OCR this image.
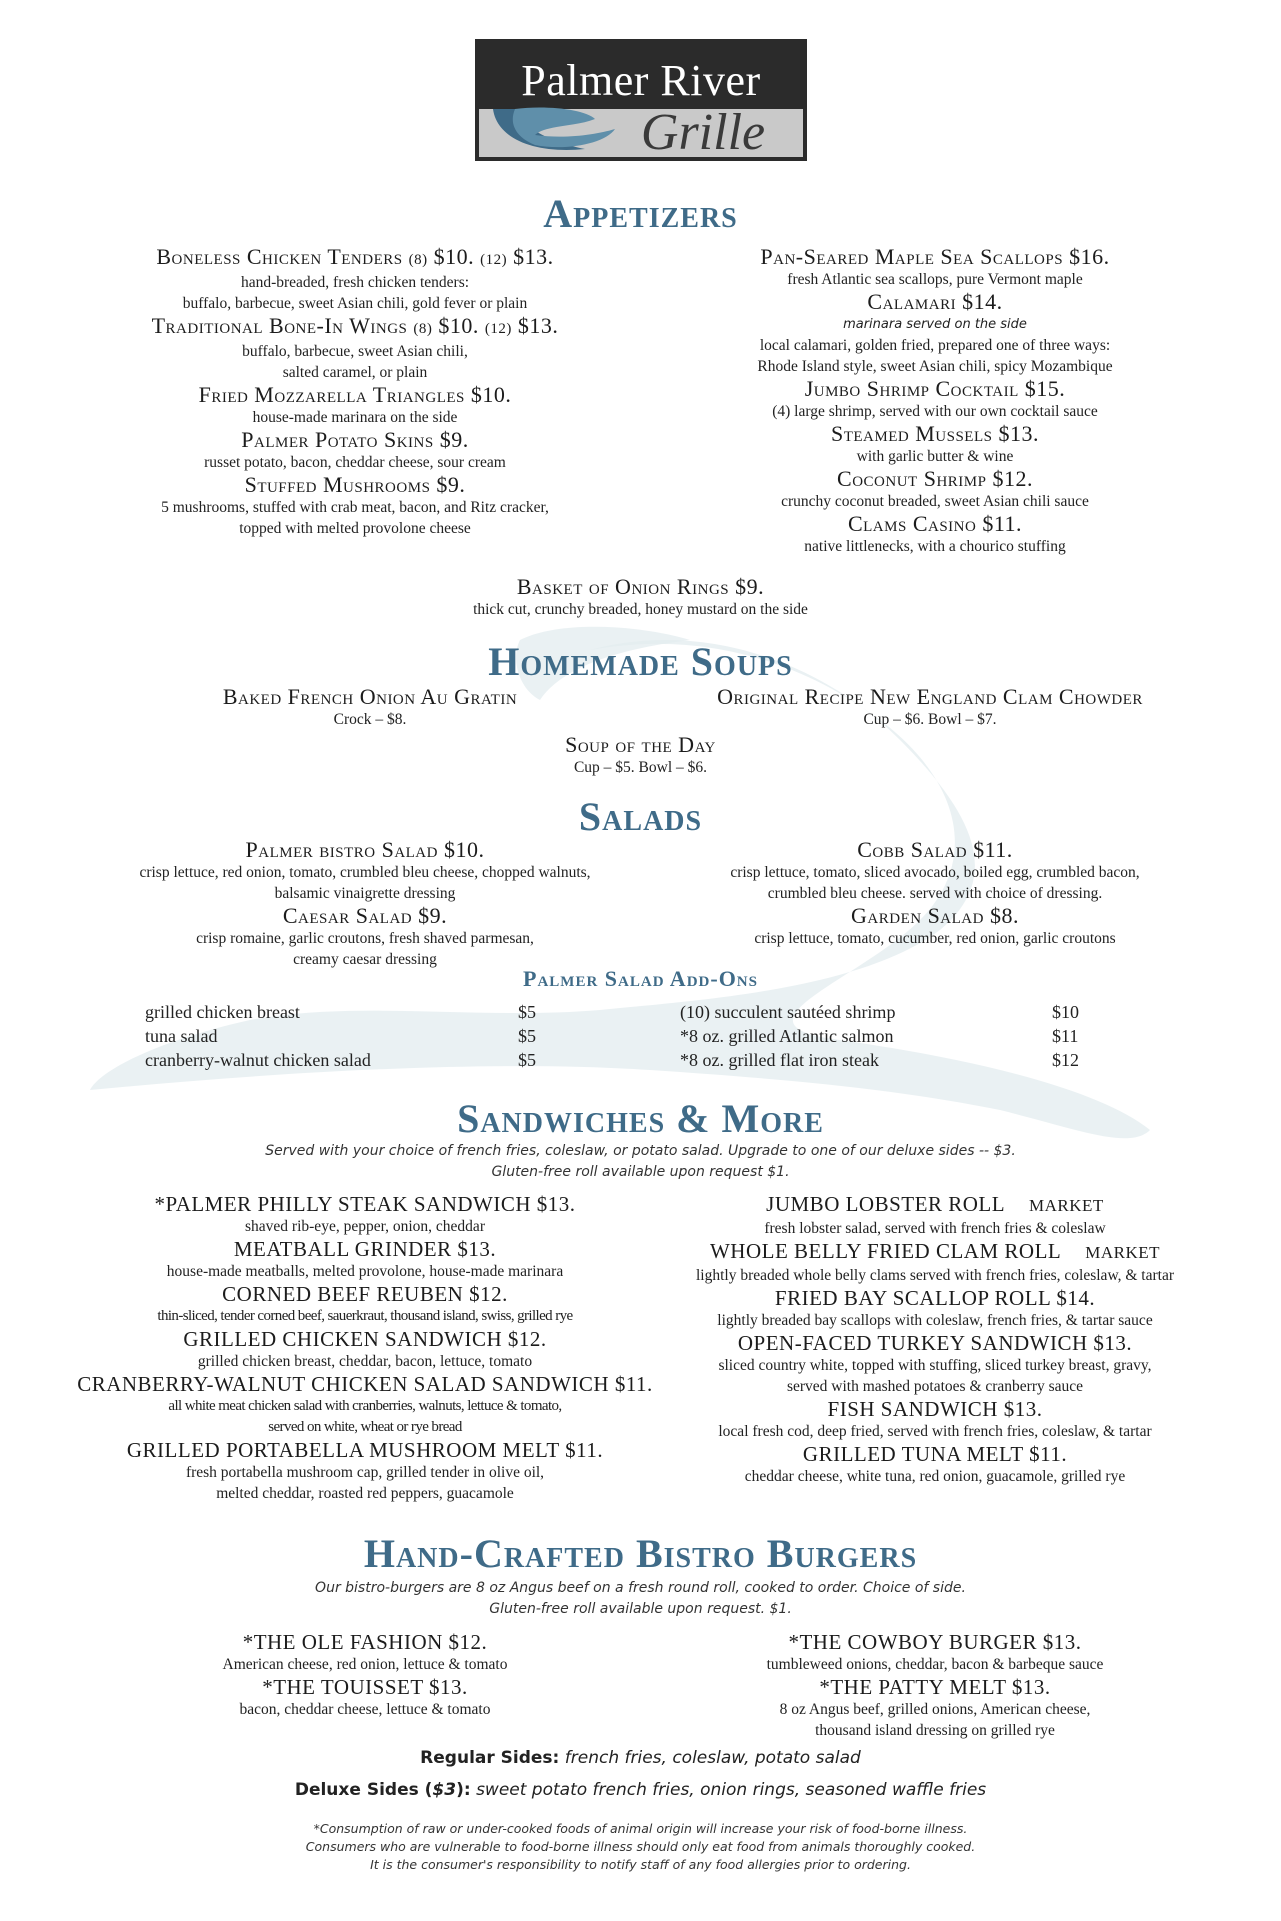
Palmer River
Grille
Appetizers
Boneless Chicken Tenders (8) $10. (12) $13.
hand-breaded, fresh chicken tenders:
buffalo, barbecue, sweet Asian chili, gold fever or plain
Traditional Bone-In Wings (8) $10. (12) $13.
buffalo, barbecue, sweet Asian chili,
salted caramel, or plain
Fried Mozzarella Triangles $10.
house-made marinara on the side
Palmer Potato Skins $9.
russet potato, bacon, cheddar cheese, sour cream
Stuffed Mushrooms $9.
5 mushrooms, stuffed with crab meat, bacon, and Ritz cracker,
topped with melted provolone cheese
Pan-Seared Maple Sea Scallops $16.
fresh Atlantic sea scallops, pure Vermont maple
Calamari $14.
marinara served on the side
local calamari, golden fried, prepared one of three ways:
Rhode Island style, sweet Asian chili, spicy Mozambique
Jumbo Shrimp Cocktail $15.
(4) large shrimp, served with our own cocktail sauce
Steamed Mussels $13.
with garlic butter & wine
Coconut Shrimp $12.
crunchy coconut breaded, sweet Asian chili sauce
Clams Casino $11.
native littlenecks, with a chourico stuffing
Basket of Onion Rings $9.
thick cut, crunchy breaded, honey mustard on the side
Homemade Soups
Baked French Onion Au Gratin
Crock – $8.
Original Recipe New England Clam Chowder
Cup – $6. Bowl – $7.
Soup of the Day
Cup – $5. Bowl – $6.
Salads
Palmer bistro Salad $10.
crisp lettuce, red onion, tomato, crumbled bleu cheese, chopped walnuts,
balsamic vinaigrette dressing
Caesar Salad $9.
crisp romaine, garlic croutons, fresh shaved parmesan,
creamy caesar dressing
Cobb Salad $11.
crisp lettuce, tomato, sliced avocado, boiled egg, crumbled bacon,
crumbled bleu cheese. served with choice of dressing.
Garden Salad $8.
crisp lettuce, tomato, cucumber, red onion, garlic croutons
Palmer Salad Add-Ons
grilled chicken breast	$5
tuna salad	$5
cranberry-walnut chicken salad	$5
(10) succulent sautéed shrimp	$10
*8 oz. grilled Atlantic salmon	$11
*8 oz. grilled flat iron steak	$12
Sandwiches & More
Served with your choice of french fries, coleslaw, or potato salad. Upgrade to one of our deluxe sides -- $3.
Gluten-free roll available upon request $1.
*PALMER PHILLY STEAK SANDWICH $13.
shaved rib-eye, pepper, onion, cheddar
MEATBALL GRINDER $13.
house-made meatballs, melted provolone, house-made marinara
CORNED BEEF REUBEN $12.
thin-sliced, tender corned beef, sauerkraut, thousand island, swiss, grilled rye
GRILLED CHICKEN SANDWICH $12.
grilled chicken breast, cheddar, bacon, lettuce, tomato
CRANBERRY-WALNUT CHICKEN SALAD SANDWICH $11.
all white meat chicken salad with cranberries, walnuts, lettuce & tomato,
served on white, wheat or rye bread
GRILLED PORTABELLA MUSHROOM MELT $11.
fresh portabella mushroom cap, grilled tender in olive oil,
melted cheddar, roasted red peppers, guacamole
JUMBO LOBSTER ROLL MARKET
fresh lobster salad, served with french fries & coleslaw
WHOLE BELLY FRIED CLAM ROLL MARKET
lightly breaded whole belly clams served with french fries, coleslaw, & tartar
FRIED BAY SCALLOP ROLL $14.
lightly breaded bay scallops with coleslaw, french fries, & tartar sauce
OPEN-FACED TURKEY SANDWICH $13.
sliced country white, topped with stuffing, sliced turkey breast, gravy,
served with mashed potatoes & cranberry sauce
FISH SANDWICH $13.
local fresh cod, deep fried, served with french fries, coleslaw, & tartar
GRILLED TUNA MELT $11.
cheddar cheese, white tuna, red onion, guacamole, grilled rye
Hand-Crafted Bistro Burgers
Our bistro-burgers are 8 oz Angus beef on a fresh round roll, cooked to order. Choice of side.
Gluten-free roll available upon request. $1.
*THE OLE FASHION $12.
American cheese, red onion, lettuce & tomato
*THE TOUISSET $13.
bacon, cheddar cheese, lettuce & tomato
*THE COWBOY BURGER $13.
tumbleweed onions, cheddar, bacon & barbeque sauce
*THE PATTY MELT $13.
8 oz Angus beef, grilled onions, American cheese,
thousand island dressing on grilled rye
Regular Sides: french fries, coleslaw, potato salad
Deluxe Sides ($3): sweet potato french fries, onion rings, seasoned waffle fries
*Consumption of raw or under-cooked foods of animal origin will increase your risk of food-borne illness.
Consumers who are vulnerable to food-borne illness should only eat food from animals thoroughly cooked.
It is the consumer's responsibility to notify staff of any food allergies prior to ordering.
